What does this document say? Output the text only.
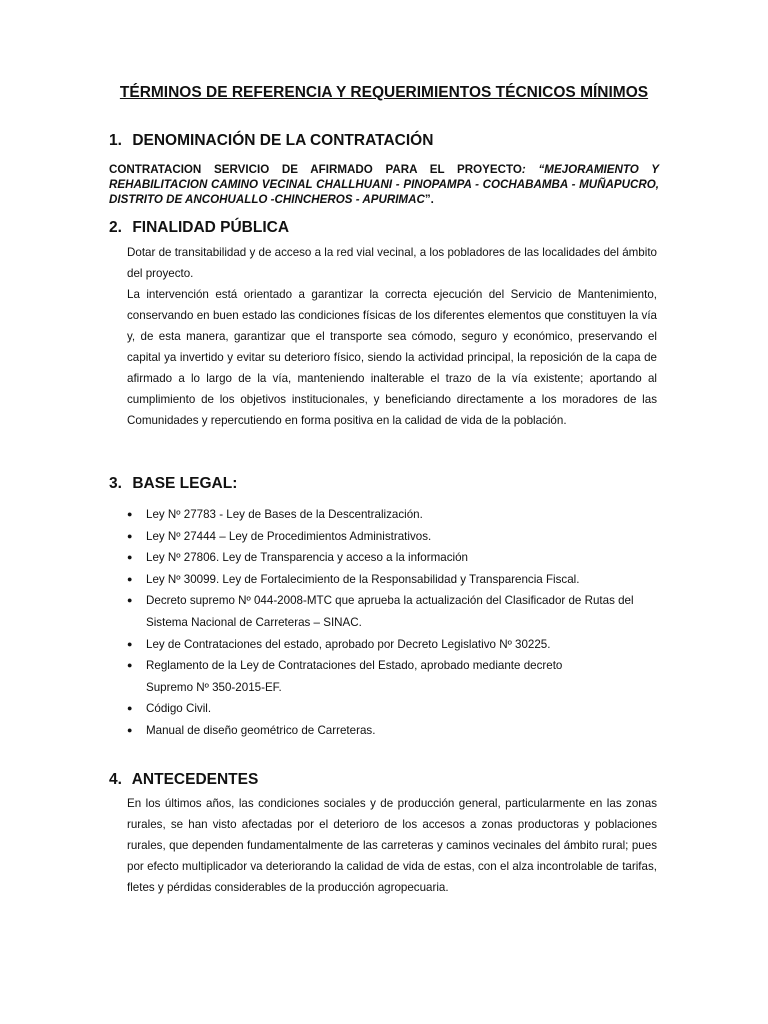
TÉRMINOS DE REFERENCIA Y REQUERIMIENTOS TÉCNICOS MÍNIMOS
1. DENOMINACIÓN DE LA CONTRATACIÓN

CONTRATACION SERVICIO DE AFIRMADO PARA EL PROYECTO: “MEJORAMIENTO Y REHABILITACION CAMINO VECINAL CHALLHUANI - PINOPAMPA - COCHABAMBA - MUÑAPUCRO, DISTRITO DE ANCOHUALLO -CHINCHEROS - APURIMAC”.

2. FINALIDAD PÚBLICA

Dotar de transitabilidad y de acceso a la red vial vecinal, a los pobladores de las localidades del ámbito del proyecto.

La intervención está orientado a garantizar la correcta ejecución del Servicio de Mantenimiento, conservando en buen estado las condiciones físicas de los diferentes elementos que constituyen la vía y, de esta manera, garantizar que el transporte sea cómodo, seguro y económico, preservando el capital ya invertido y evitar su deterioro físico, siendo la actividad principal, la reposición de la capa de afirmado a lo largo de la vía, manteniendo inalterable el trazo de la vía existente; aportando al cumplimiento de los objetivos institucionales, y beneficiando directamente a los moradores de las Comunidades y repercutiendo en forma positiva en la calidad de vida de la población.

3. BASE LEGAL:
● Ley Nº 27783 - Ley de Bases de la Descentralización.
● Ley Nº 27444 – Ley de Procedimientos Administrativos.
● Ley Nº 27806. Ley de Transparencia y acceso a la información
● Ley Nº 30099. Ley de Fortalecimiento de la Responsabilidad y Transparencia Fiscal.
● Decreto supremo Nº 044-2008-MTC que aprueba la actualización del Clasificador de Rutas del Sistema Nacional de Carreteras – SINAC.
● Ley de Contrataciones del estado, aprobado por Decreto Legislativo Nº 30225.
● Reglamento de la Ley de Contrataciones del Estado, aprobado mediante decreto
Supremo Nº 350-2015-EF.
● Código Civil.
● Manual de diseño geométrico de Carreteras.
4. ANTECEDENTES

En los últimos años, las condiciones sociales y de producción general, particularmente en las zonas rurales, se han visto afectadas por el deterioro de los accesos a zonas productoras y poblaciones rurales, que dependen fundamentalmente de las carreteras y caminos vecinales del ámbito rural; pues por efecto multiplicador va deteriorando la calidad de vida de estas, con el alza incontrolable de tarifas, fletes y pérdidas considerables de la producción agropecuaria.
